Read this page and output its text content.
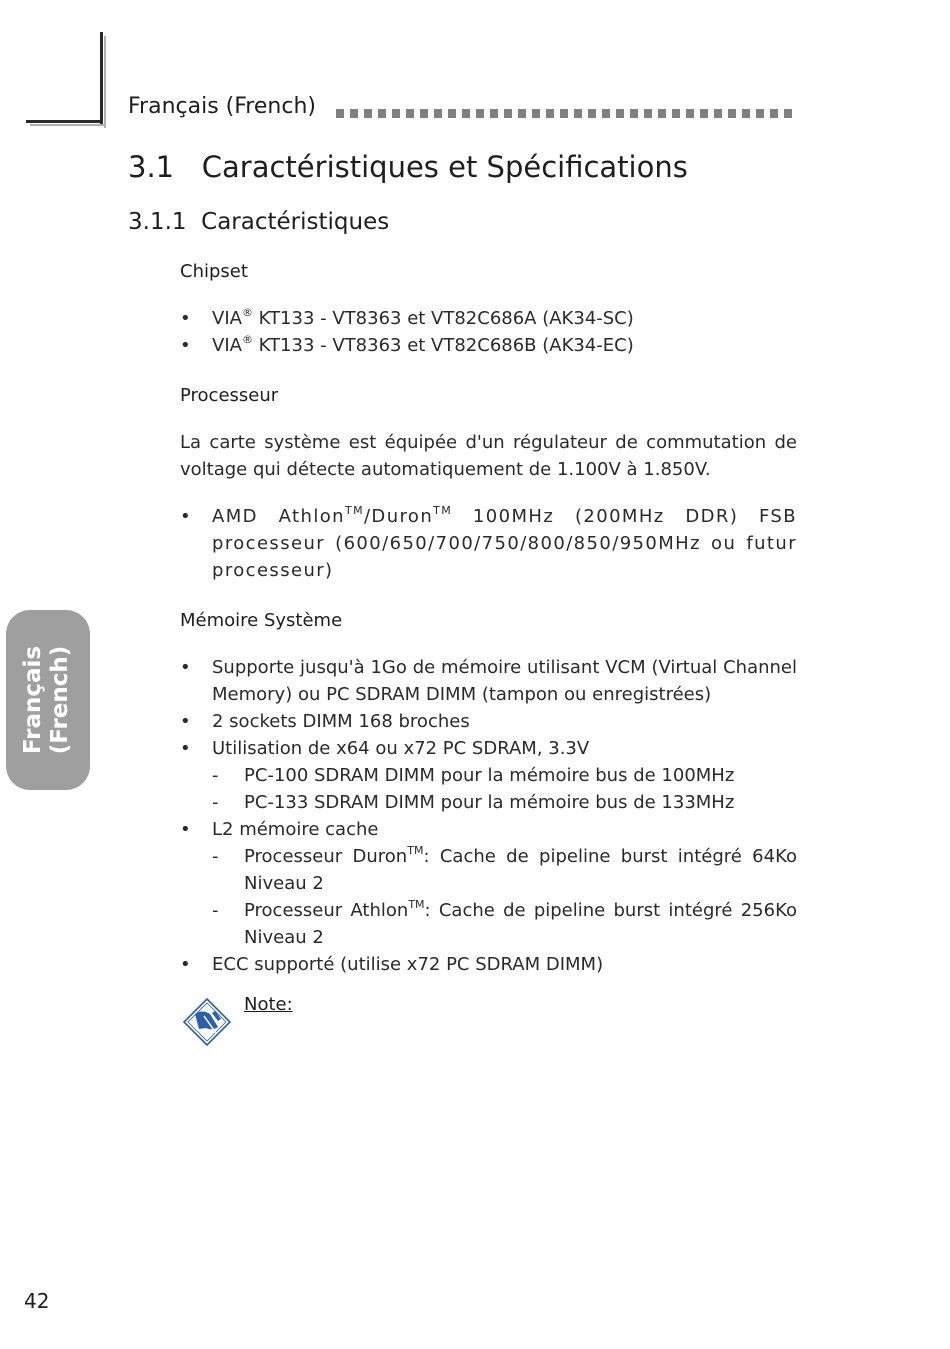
Français (French)
3.1   Caractéristiques et Spécifications
3.1.1  Caractéristiques
Chipset
• VIA® KT133 - VT8363 et VT82C686A (AK34-SC)
• VIA® KT133 - VT8363 et VT82C686B (AK34-EC)
Processeur

La carte système est équipée d'un régulateur de commutation de voltage qui détecte automatiquement de 1.100V à 1.850V.

• AMD Athlon™/Duron™ 100MHz (200MHz DDR) FSB processeur (600/650/700/750/800/850/950MHz ou futur processeur)
Mémoire Système
• Supporte jusqu'à 1Go de mémoire utilisant VCM (Virtual Channel Memory) ou PC SDRAM DIMM (tampon ou enregistrées)
• 2 sockets DIMM 168 broches
• Utilisation de x64 ou x72 PC SDRAM, 3.3V
- PC-100 SDRAM DIMM pour la mémoire bus de 100MHz
- PC-133 SDRAM DIMM pour la mémoire bus de 133MHz
• L2 mémoire cache
- Processeur Duron™: Cache de pipeline burst intégré 64Ko Niveau 2
- Processeur Athlon™: Cache de pipeline burst intégré 256Ko Niveau 2
• ECC supporté (utilise x72 PC SDRAM DIMM)
Note:
Français (French)
42
